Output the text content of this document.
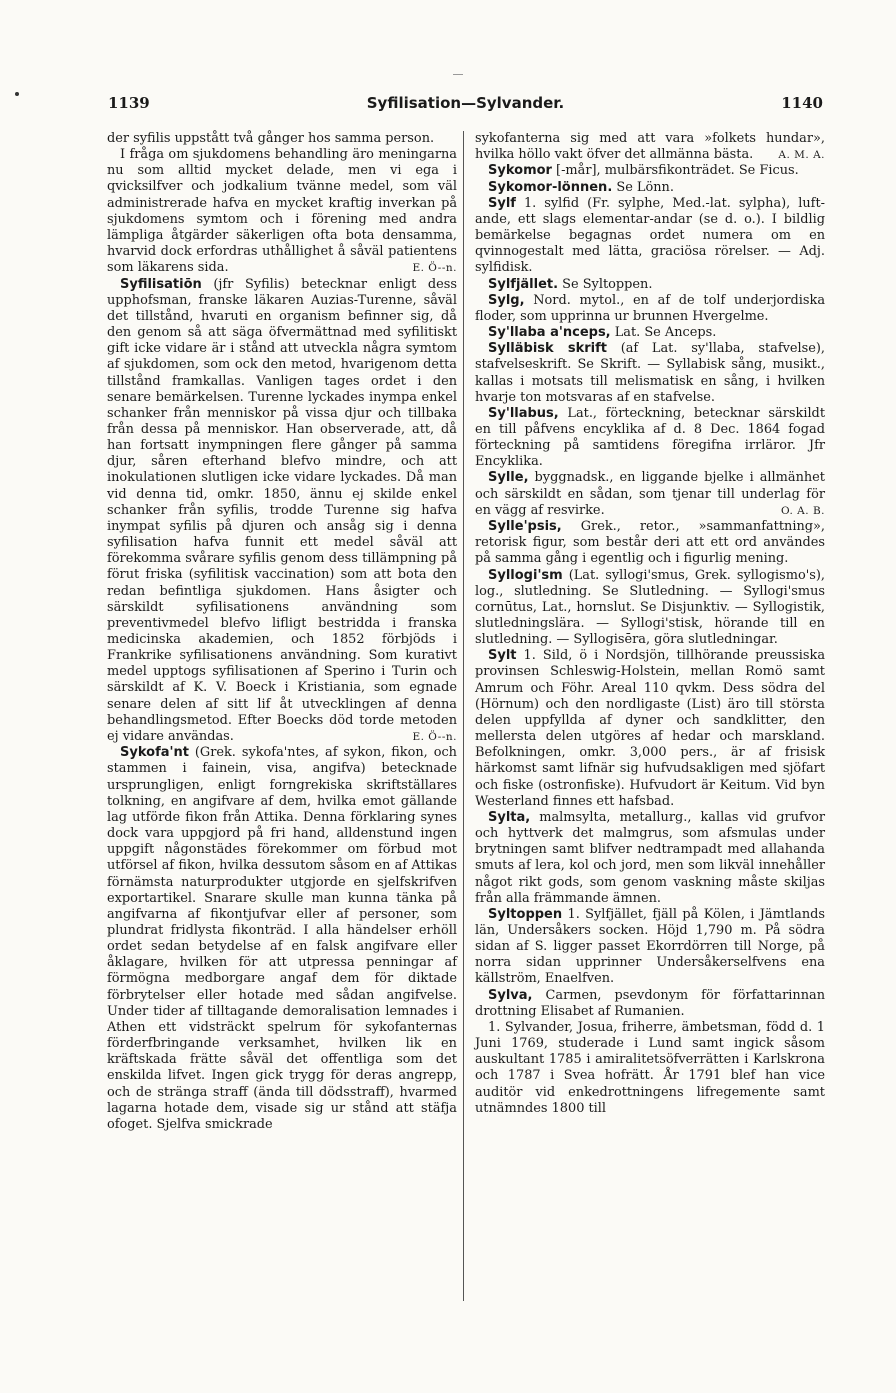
1139	Syfilisation—Sylvander.	1140

der syfilis uppstått två gånger hos samma person.

I fråga om sjukdomens behandling äro meningarna nu som alltid mycket delade, men vi ega i qvicksilfver och jodkalium tvänne medel, som väl administrerade hafva en mycket kraftig inverkan på sjukdomens symtom och i förening med andra lämpliga åtgärder säkerligen ofta bota densamma, hvarvid dock erfordras uthållighet å såväl patientens som läkarens sida.	E. Ö--n.

Syfilisatiōn (jfr Syfilis) betecknar enligt dess upphofsman, franske läkaren Auzias-Turenne, såväl det tillstånd, hvaruti en organism befinner sig, då den genom så att säga öfvermättnad med syfilitiskt gift icke vidare är i stånd att utveckla några symtom af sjukdomen, som ock den metod, hvarigenom detta tillstånd framkallas. Vanligen tages ordet i den senare bemärkelsen. Turenne lyckades inympa enkel schanker från menniskor på vissa djur och tillbaka från dessa på menniskor. Han observerade, att, då han fortsatt inympningen flere gånger på samma djur, såren efterhand blefvo mindre, och att inokulationen slutligen icke vidare lyckades. Då man vid denna tid, omkr. 1850, ännu ej skilde enkel schanker från syfilis, trodde Turenne sig hafva inympat syfilis på djuren och ansåg sig i denna syfilisation hafva funnit ett medel såväl att förekomma svårare syfilis genom dess tillämpning på förut friska (syfilitisk vaccination) som att bota den redan befintliga sjukdomen. Hans åsigter och särskildt syfilisationens användning som preventivmedel blefvo lifligt bestridda i franska medicinska akademien, och 1852 förbjöds i Frankrike syfilisationens användning. Som kurativt medel upptogs syfilisationen af Sperino i Turin och särskildt af K. V. Boeck i Kristiania, som egnade senare delen af sitt lif åt utvecklingen af denna behandlingsmetod. Efter Boecks död torde metoden ej vidare användas.	E. Ö--n.

Sykofa'nt (Grek. sykofa'ntes, af sykon, fikon, och stammen i fainein, visa, angifva) betecknade ursprungligen, enligt forngrekiska skriftställares tolkning, en angifvare af dem, hvilka emot gällande lag utförde fikon från Attika. Denna förklaring synes dock vara uppgjord på fri hand, alldenstund ingen uppgift någonstädes förekommer om förbud mot utförsel af fikon, hvilka dessutom såsom en af Attikas förnämsta naturprodukter utgjorde en sjelfskrifven exportartikel. Snarare skulle man kunna tänka på angifvarna af fikontjufvar eller af personer, som plundrat fridlysta fikonträd. I alla händelser erhöll ordet sedan betydelse af en falsk angifvare eller åklagare, hvilken för att utpressa penningar af förmögna medborgare angaf dem för diktade förbrytelser eller hotade med sådan angifvelse. Under tider af tilltagande demoralisation lemnades i Athen ett vidsträckt spelrum för sykofanternas förderfbringande verksamhet, hvilken lik en kräftskada frätte såväl det offentliga som det enskilda lifvet. Ingen gick trygg för deras angrepp, och de stränga straff (ända till dödsstraff), hvarmed lagarna hotade dem, visade sig ur stånd att stäfja ofoget. Sjelfva smickrade

sykofanterna sig med att vara »folkets hundar», hvilka höllo vakt öfver det allmänna bästa.	A. M. A.

Sykomor [-mår], mulbärsfikonträdet. Se Ficus.

Sykomor-lönnen. Se Lönn.

Sylf 1. sylfid (Fr. sylphe, Med.-lat. sylpha), luft-ande, ett slags elementar-andar (se d. o.). I bildlig bemärkelse begagnas ordet numera om en qvinnogestalt med lätta, graciösa rörelser. — Adj. sylfidisk.

Sylfjället. Se Syltoppen.

Sylg, Nord. mytol., en af de tolf underjordiska floder, som upprinna ur brunnen Hvergelme.

Sy'llaba a'nceps, Lat. Se Anceps.

Sylläbisk skrift (af Lat. sy'llaba, stafvelse), stafvelseskrift. Se Skrift. — Syllabisk sång, musikt., kallas i motsats till melismatisk en sång, i hvilken hvarje ton motsvaras af en stafvelse.

Sy'llabus, Lat., förteckning, betecknar särskildt en till påfvens encyklika af d. 8 Dec. 1864 fogad förteckning på samtidens föregifna irrläror. Jfr Encyklika.

Sylle, byggnadsk., en liggande bjelke i allmänhet och särskildt en sådan, som tjenar till underlag för en vägg af resvirke.	O. A. B.

Sylle'psis, Grek., retor., »sammanfattning», retorisk figur, som består deri att ett ord användes på samma gång i egentlig och i figurlig mening.

Syllogi'sm (Lat. syllogi'smus, Grek. syllogismo's), log., slutledning. Se Slutledning. — Syllogi'smus cornūtus, Lat., hornslut. Se Disjunktiv. — Syllogistik, slutledningslära. — Syllogi'stisk, hörande till en slutledning. — Syllogisēra, göra slutledningar.

Sylt 1. Sild, ö i Nordsjön, tillhörande preussiska provinsen Schleswig-Holstein, mellan Romö samt Amrum och Föhr. Areal 110 qvkm. Dess södra del (Hörnum) och den nordligaste (List) äro till största delen uppfyllda af dyner och sandklitter, den mellersta delen utgöres af hedar och marskland. Befolkningen, omkr. 3,000 pers., är af frisisk härkomst samt lifnär sig hufvudsakligen med sjöfart och fiske (ostronfiske). Hufvudort är Keitum. Vid byn Westerland finnes ett hafsbad.

Sylta, malmsylta, metallurg., kallas vid grufvor och hyttverk det malmgrus, som afsmulas under brytningen samt blifver nedtrampadt med allahanda smuts af lera, kol och jord, men som likväl innehåller något rikt gods, som genom vaskning måste skiljas från alla främmande ämnen.

Syltoppen 1. Sylfjället, fjäll på Kölen, i Jämtlands län, Undersåkers socken. Höjd 1,790 m. På södra sidan af S. ligger passet Ekorrdörren till Norge, på norra sidan upprinner Undersåkerselfvens ena källström, Enaelfven.

Sylva, Carmen, psevdonym för författarinnan drottning Elisabet af Rumanien.

1. Sylvander, Josua, friherre, ämbetsman, född d. 1 Juni 1769, studerade i Lund samt ingick såsom auskultant 1785 i amiralitetsöfverrätten i Karlskrona och 1787 i Svea hofrätt. År 1791 blef han vice auditör vid enkedrottningens lifregemente samt utnämndes 1800 till
